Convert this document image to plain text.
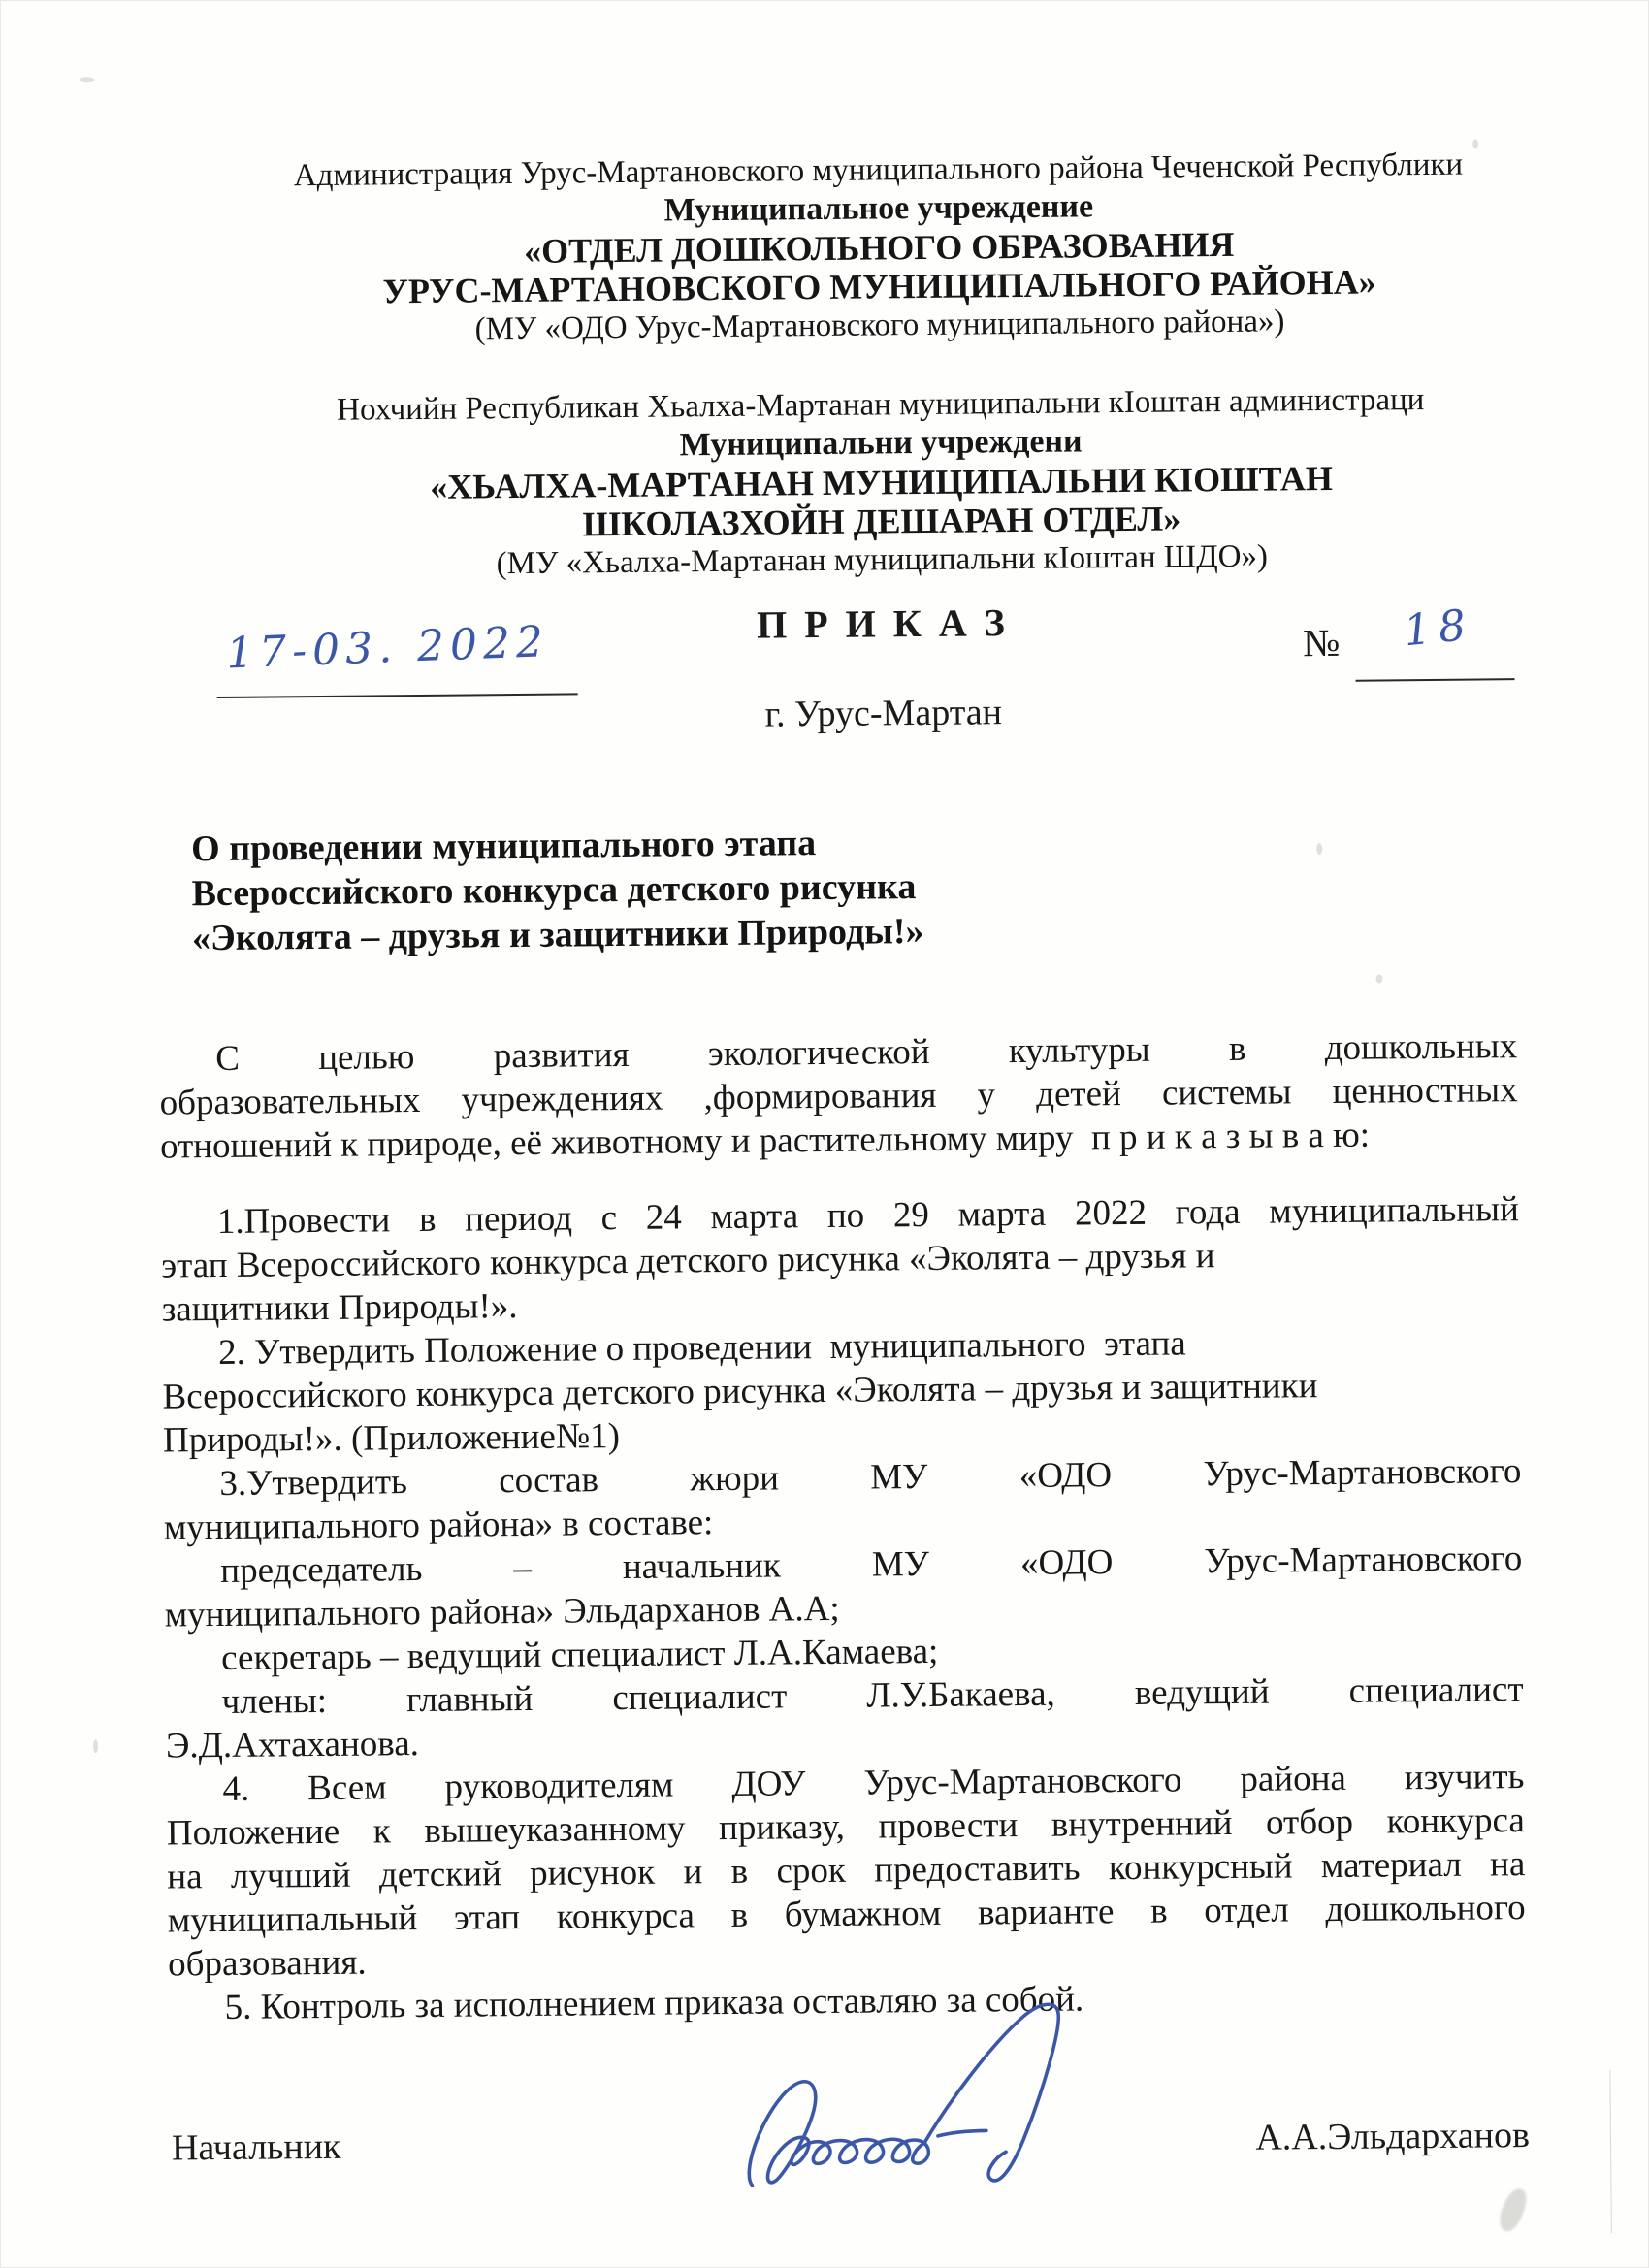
Администрация Урус-Мартановского муниципального района Чеченской Республики
Муниципальное учреждение
«ОТДЕЛ ДОШКОЛЬНОГО ОБРАЗОВАНИЯ
УРУС-МАРТАНОВСКОГО МУНИЦИПАЛЬНОГО РАЙОНА»
(МУ «ОДО Урус-Мартановского муниципального района»)
Нохчийн Республикан Хьалха-Мартанан муниципальни кІоштан администраци
Муниципальни учреждени
«ХЬАЛХА-МАРТАНАН МУНИЦИПАЛЬНИ КІОШТАН
ШКОЛАЗХОЙН ДЕШАРАН ОТДЕЛ»
(МУ «Хьалха-Мартанан муниципальни кІоштан ШДО»)
П Р И К А З
17-03. 2022	№ 18
г. Урус-Мартан
О проведении муниципального этапа
Всероссийского конкурса детского рисунка
«Эколята – друзья и защитники Природы!»
С целью развития экологической культуры в дошкольных
образовательных учреждениях ,формирования у детей системы ценностных
отношений к природе, её животному и растительному миру  п р и к а з ы в а ю:
1.Провести в период с 24 марта по 29 марта 2022 года муниципальный
этап Всероссийского конкурса детского рисунка «Эколята – друзья и
защитники Природы!».
2. Утвердить Положение о проведении  муниципального  этапа
Всероссийского конкурса детского рисунка «Эколята – друзья и защитники
Природы!». (Приложение№1)
3.Утвердить состав жюри МУ «ОДО Урус-Мартановского
муниципального района» в составе:
председатель – начальник МУ «ОДО Урус-Мартановского
муниципального района» Эльдарханов А.А;
секретарь – ведущий специалист Л.А.Камаева;
члены: главный специалист Л.У.Бакаева, ведущий специалист
Э.Д.Ахтаханова.
4. Всем руководителям ДОУ Урус-Мартановского района изучить
Положение к вышеуказанному приказу, провести внутренний отбор конкурса
на лучший детский рисунок и в срок предоставить конкурсный материал на
муниципальный этап конкурса в бумажном варианте в отдел дошкольного
образования.
5. Контроль за исполнением приказа оставляю за собой.
Начальник	А.А.Эльдарханов
